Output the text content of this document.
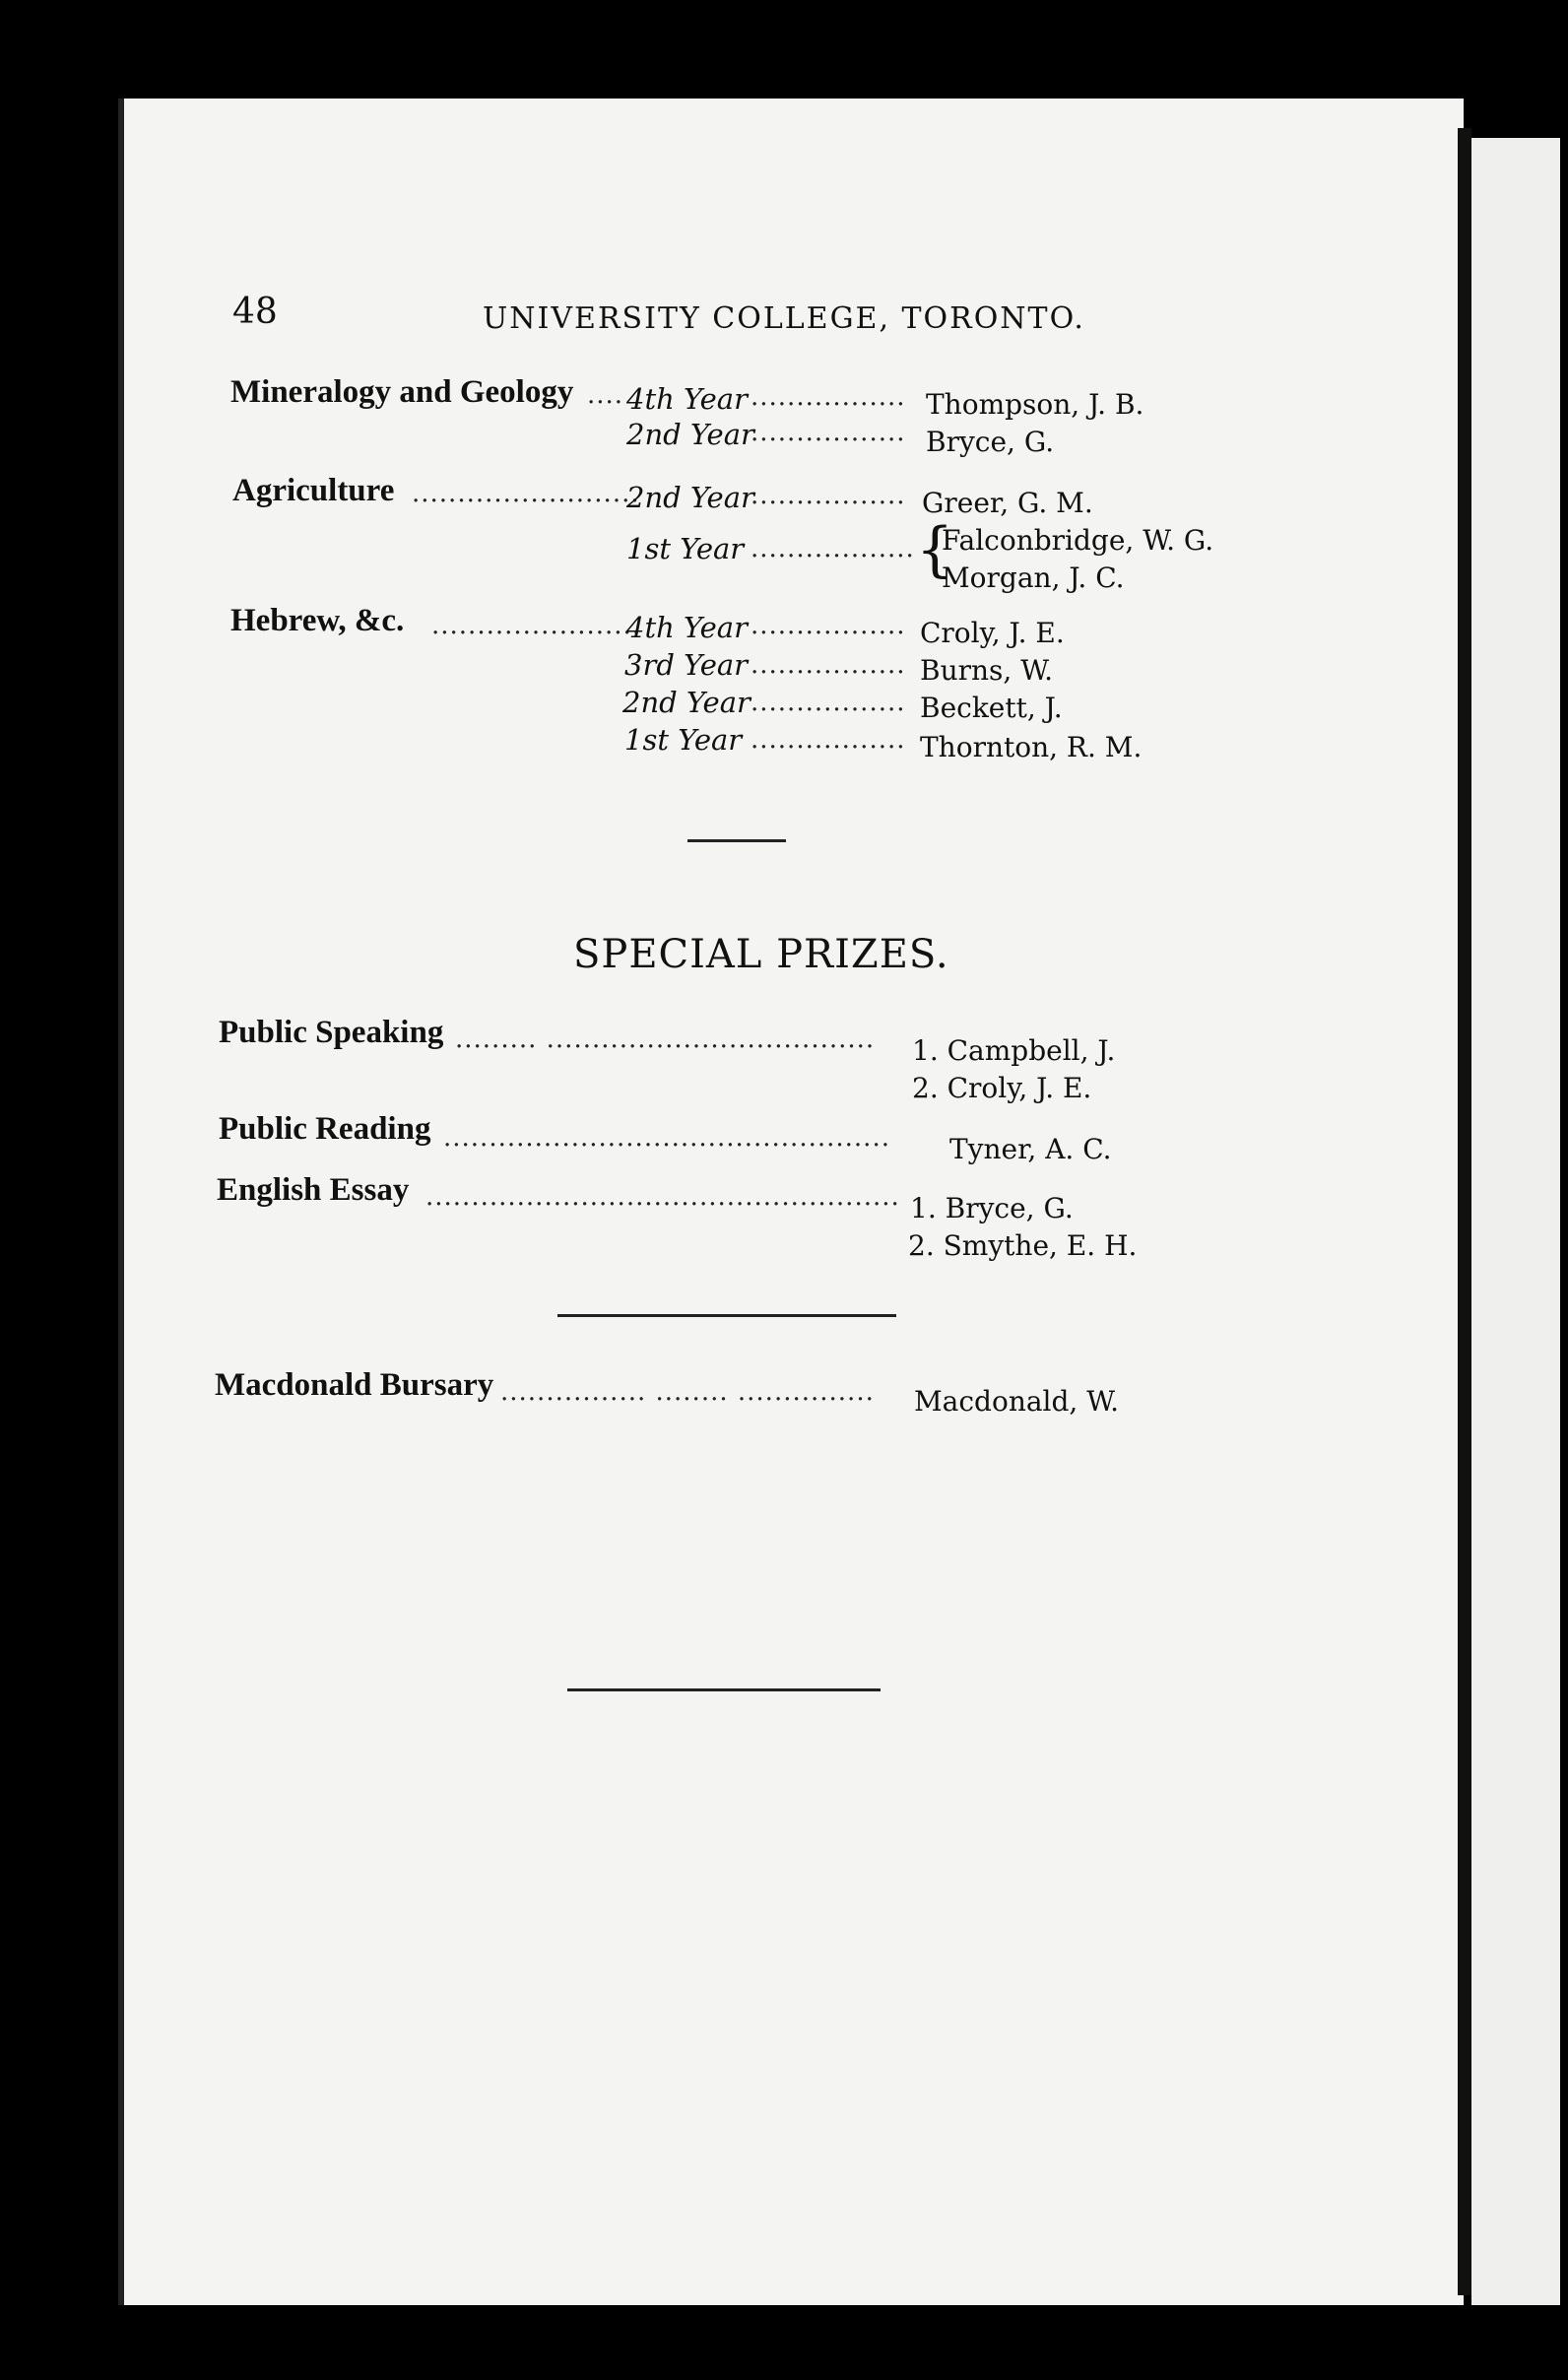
48	UNIVERSITY COLLEGE, TORONTO.
Mineralogy and Geology .... 4th Year ................. Thompson, J. B.
2nd Year
................. Bryce, G.
Agriculture .........................
2nd Year
................. Greer, G. M.
1st Year .................. {
Falconbridge, W. G.
Morgan, J. C.
Hebrew, &c. .......................
4th Year ................. Croly, J. E.
3rd Year ................. Burns, W.
2nd Year ................. Beckett, J.
1st Year ................. Thornton, R. M.
SPECIAL PRIZES.
Public Speaking ......... .................................... 1. Campbell, J.
2. Croly, J. E.
Public Reading ................................................. Tyner, A. C.
English Essay .................................................... 1. Bryce, G.
2. Smythe, E. H.
Macdonald Bursary ................ ........ ............... Macdonald, W.
